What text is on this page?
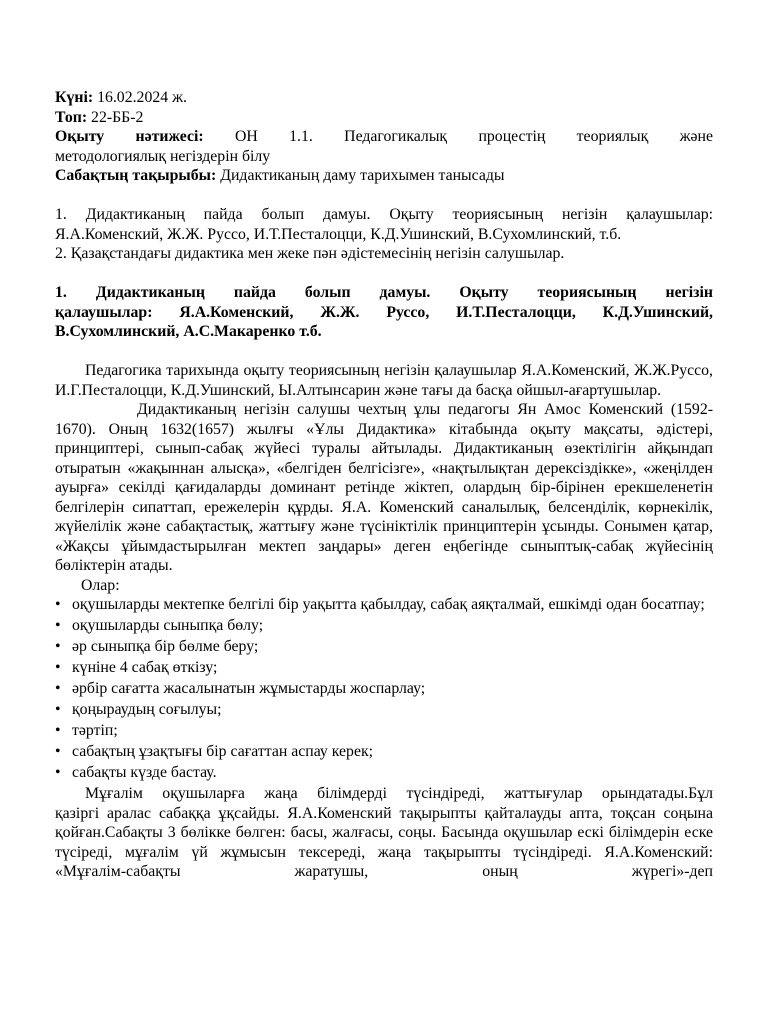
Күні: 16.02.2024 ж.

Топ: 22-ББ-2

Оқыту нәтижесі: ОН 1.1. Педагогикалық процестің теориялық және

методологиялық негіздерін білу

Сабақтың тақырыбы: Дидактиканың даму тарихымен танысады

1. Дидактиканың пайда болып дамуы. Оқыту теориясының негізін қалаушылар:

Я.А.Коменский, Ж.Ж. Руссо, И.Т.Песталоцци, К.Д.Ушинский, В.Сухомлинский, т.б.

2. Қазақстандағы дидактика мен жеке пән әдістемесінің негізін салушылар.

1. Дидактиканың пайда болып дамуы. Оқыту теориясының негізін

қалаушылар: Я.А.Коменский, Ж.Ж. Руссо, И.Т.Песталоцци, К.Д.Ушинский,

В.Сухомлинский, А.С.Макаренко т.б.

Педагогика тарихында оқыту теориясының негізін қалаушылар Я.А.Коменский, Ж.Ж.Руссо, И.Г.Песталоцци, К.Д.Ушинский, Ы.Алтынсарин және тағы да басқа ойшыл-ағартушылар.

Дидактиканың негізін салушы чехтың ұлы педагогы Ян Амос Коменский (1592-1670). Оның 1632(1657) жылғы «Ұлы Дидактика» кітабында оқыту мақсаты, әдістері, принциптері, сынып-сабақ жүйесі туралы айтылады. Дидактиканың өзектілігін айқындап отыратын «жақыннан алысқа», «белгіден белгісізге», «нақтылықтан дерексіздікке», «жеңілден ауырға» секілді қағидаларды доминант ретінде жіктеп, олардың бір-бірінен ерекшеленетін белгілерін сипаттап, ережелерін құрды. Я.А. Коменский саналылық, белсенділік, көрнекілік, жүйелілік және сабақтастық, жаттығу және түсініктілік принциптерін ұсынды. Сонымен қатар, «Жақсы ұйымдастырылған мектеп заңдары» деген еңбегінде сыныптық-сабақ жүйесінің бөліктерін атады.

Олар:

• оқушыларды мектепке белгілі бір уақытта қабылдау, сабақ аяқталмай, ешкімді одан босатпау;
• оқушыларды сыныпқа бөлу;
• әр сыныпқа бір бөлме беру;
• күніне 4 сабақ өткізу;
• әрбір сағатта жасалынатын жұмыстарды жоспарлау;
• қоңыраудың соғылуы;
• тәртіп;
• сабақтың ұзақтығы бір сағаттан аспау керек;
• сабақты күзде бастау.

Мұғалім оқушыларға жаңа білімдерді түсіндіреді, жаттығулар орындатады.Бұл

қазіргі аралас сабаққа ұқсайды. Я.А.Коменский тақырыпты қайталауды апта, тоқсан соңына қойған.Сабақты 3 бөлікке бөлген: басы, жалғасы, соңы. Басында оқушылар ескі білімдерін еске түсіреді, мұғалім үй жұмысын тексереді, жаңа тақырыпты түсіндіреді. Я.А.Коменский: «Мұғалім-сабақты жаратушы, оның жүрегі»-деп
